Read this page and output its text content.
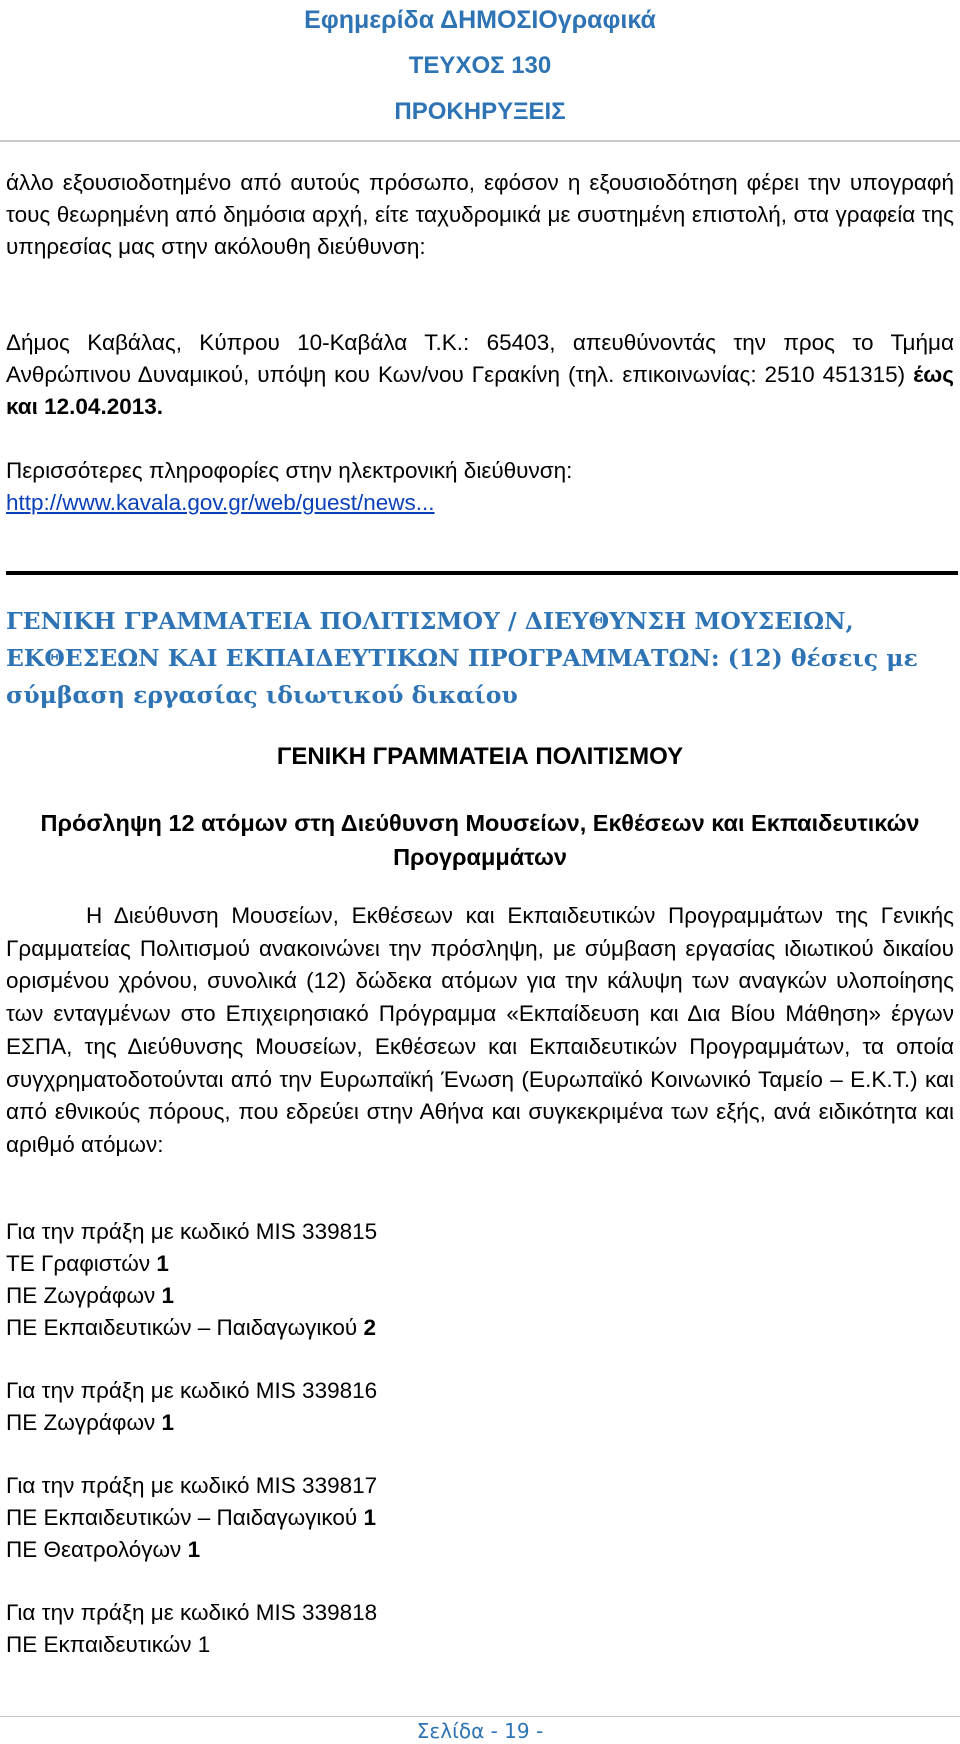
Εφημερίδα ΔΗΜΟΣΙΟγραφικά
ΤΕΥΧΟΣ 130
ΠΡΟΚΗΡΥΞΕΙΣ
άλλο εξουσιοδοτημένο από αυτούς πρόσωπο, εφόσον η εξουσιοδότηση φέρει την υπογραφή τους θεωρημένη από δημόσια αρχή, είτε ταχυδρομικά με συστημένη επιστολή, στα γραφεία της υπηρεσίας μας στην ακόλουθη διεύθυνση:
Δήμος Καβάλας, Κύπρου 10-Καβάλα Τ.Κ.: 65403, απευθύνοντάς την προς το Τμήμα Ανθρώπινου Δυναμικού, υπόψη κου Κων/νου Γερακίνη (τηλ. επικοινωνίας: 2510 451315) έως και 12.04.2013.
Περισσότερες πληροφορίες στην ηλεκτρονική διεύθυνση:
http://www.kavala.gov.gr/web/guest/news...
ΓΕΝΙΚΗ ΓΡΑΜΜΑΤΕΙΑ ΠΟΛΙΤΙΣΜΟΥ / ΔΙΕΥΘΥΝΣΗ ΜΟΥΣΕΙΩΝ, ΕΚΘΕΣΕΩΝ ΚΑΙ ΕΚΠΑΙΔΕΥΤΙΚΩΝ ΠΡΟΓΡΑΜΜΑΤΩΝ: (12) θέσεις με σύμβαση εργασίας ιδιωτικού δικαίου
ΓΕΝΙΚΗ ΓΡΑΜΜΑΤΕΙΑ ΠΟΛΙΤΙΣΜΟΥ
Πρόσληψη 12 ατόμων στη Διεύθυνση Μουσείων, Εκθέσεων και Εκπαιδευτικών Προγραμμάτων
Η Διεύθυνση Μουσείων, Εκθέσεων και Εκπαιδευτικών Προγραμμάτων της Γενικής Γραμματείας Πολιτισμού ανακοινώνει την πρόσληψη, με σύμβαση εργασίας ιδιωτικού δικαίου ορισμένου χρόνου, συνολικά (12) δώδεκα ατόμων για την κάλυψη των αναγκών υλοποίησης των ενταγμένων στο Επιχειρησιακό Πρόγραμμα «Εκπαίδευση και Δια Βίου Μάθηση» έργων ΕΣΠΑ, της Διεύθυνσης Μουσείων, Εκθέσεων και Εκπαιδευτικών Προγραμμάτων, τα οποία συγχρηματοδοτούνται από την Ευρωπαϊκή Ένωση (Ευρωπαϊκό Κοινωνικό Ταμείο – Ε.Κ.Τ.) και από εθνικούς πόρους, που εδρεύει στην Αθήνα και συγκεκριμένα των εξής, ανά ειδικότητα και αριθμό ατόμων:
Για την πράξη με κωδικό MIS 339815
ΤΕ Γραφιστών 1
ΠΕ Ζωγράφων 1
ΠΕ Εκπαιδευτικών – Παιδαγωγικού 2
Για την πράξη με κωδικό MIS 339816
ΠΕ Ζωγράφων 1
Για την πράξη με κωδικό MIS 339817
ΠΕ Εκπαιδευτικών – Παιδαγωγικού 1
ΠΕ Θεατρολόγων 1
Για την πράξη με κωδικό MIS 339818
ΠΕ Εκπαιδευτικών 1
Σελίδα - 19 -
